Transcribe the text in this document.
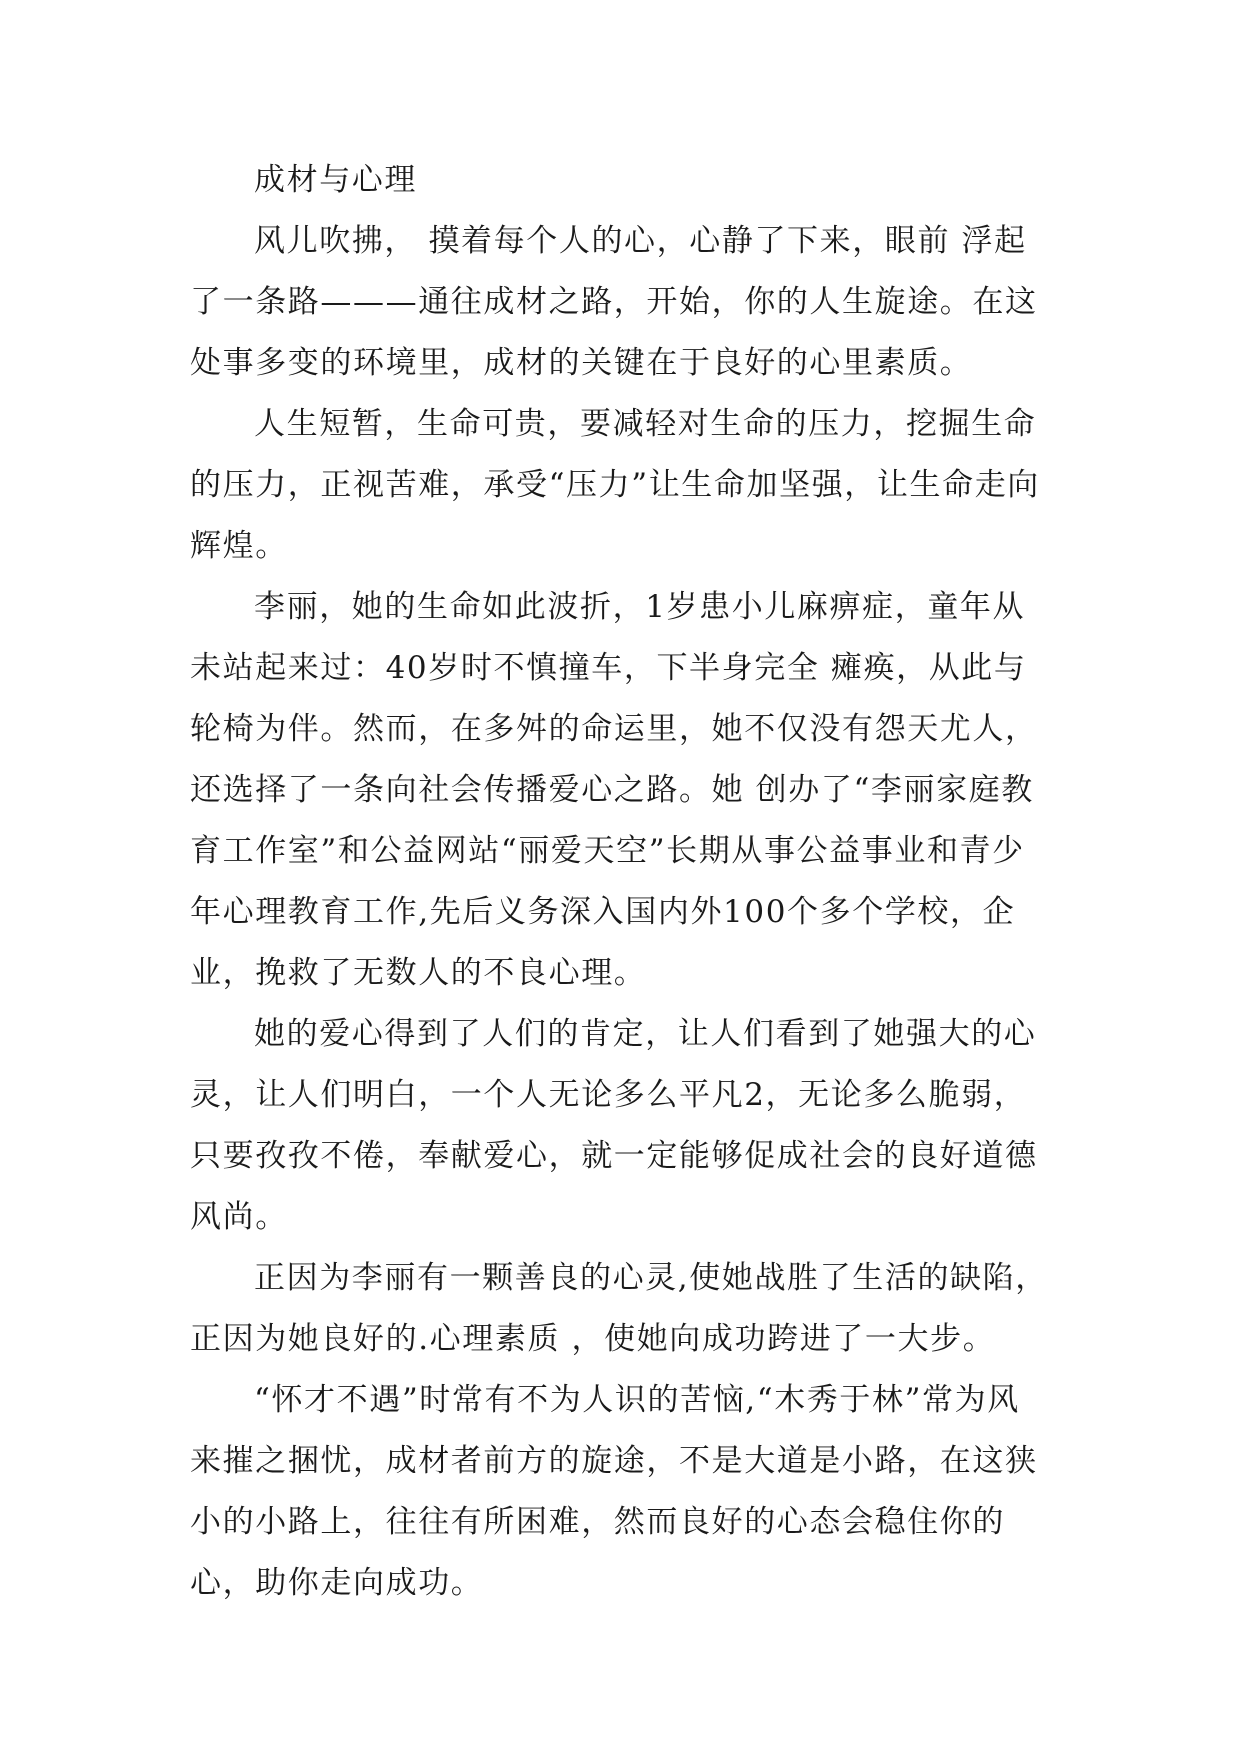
成材与心理

风儿吹拂， 摸着每个人的心，心静了下来，眼前 浮起了一条路———通往成材之路，开始，你的人生旋途。在这处事多变的环境里，成材的关键在于良好的心里素质。

人生短暂，生命可贵，要减轻对生命的压力，挖掘生命的压力，正视苦难，承受“压力”让生命加坚强，让生命走向辉煌。

李丽，她的生命如此波折，1岁患小儿麻痹症，童年从未站起来过：40岁时不慎撞车，下半身完全 瘫痪，从此与轮椅为伴。然而，在多舛的命运里，她不仅没有怨天尤人，还选择了一条向社会传播爱心之路。她 创办了“李丽家庭教育工作室”和公益网站“丽爱天空”长期从事公益事业和青少年心理教育工作,先后义务深入国内外100个多个学校，企业，挽救了无数人的不良心理。

她的爱心得到了人们的肯定，让人们看到了她强大的心灵，让人们明白，一个人无论多么平凡2，无论多么脆弱，只要孜孜不倦，奉献爱心，就一定能够促成社会的良好道德风尚。

正因为李丽有一颗善良的心灵,使她战胜了生活的缺陷，正因为她良好的.心理素质 ，使她向成功跨进了一大步。

“怀才不遇”时常有不为人识的苦恼,“木秀于林”常为风来摧之捆忧，成材者前方的旋途，不是大道是小路，在这狭小的小路上，往往有所困难，然而良好的心态会稳住你的心，助你走向成功。
